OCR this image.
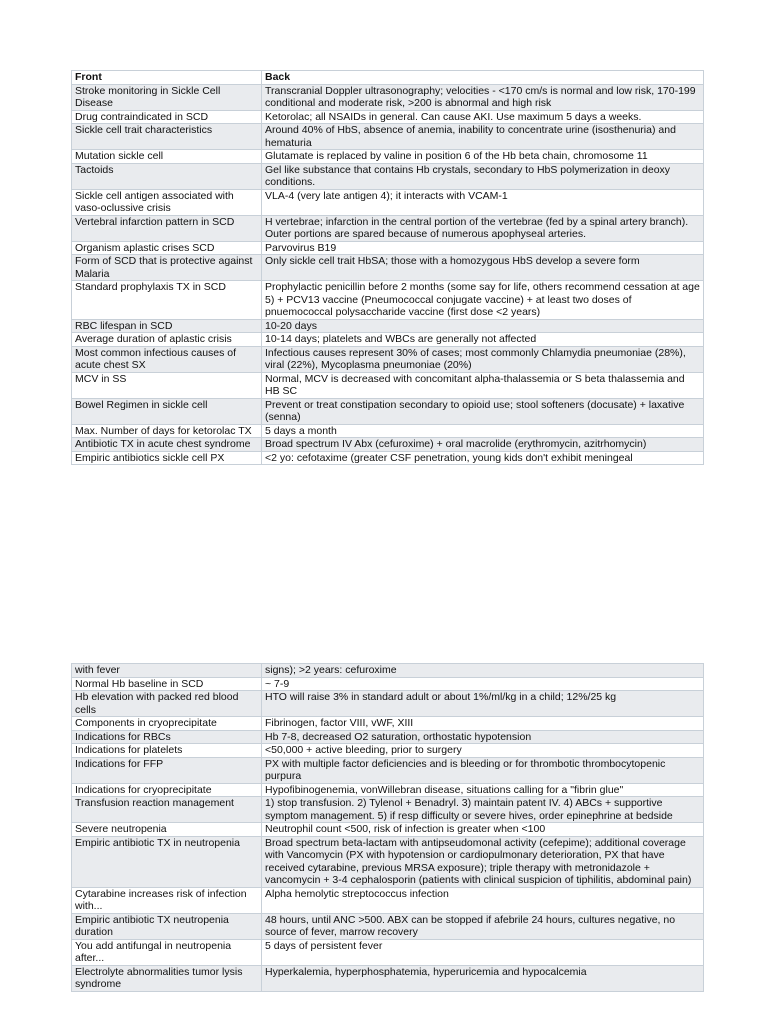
Front	Back
Stroke monitoring in Sickle Cell Disease	Transcranial Doppler ultrasonography; velocities - <170 cm/s is normal and low risk, 170-199 conditional and moderate risk, >200 is abnormal and high risk
Drug contraindicated in SCD	Ketorolac; all NSAIDs in general. Can cause AKI. Use maximum 5 days a weeks.
Sickle cell trait characteristics	Around 40% of HbS, absence of anemia, inability to concentrate urine (isosthenuria) and hematuria
Mutation sickle cell	Glutamate is replaced by valine in position 6 of the Hb beta chain, chromosome 11
Tactoids	Gel like substance that contains Hb crystals, secondary to HbS polymerization in deoxy conditions.
Sickle cell antigen associated with vaso-oclussive crisis	VLA-4 (very late antigen 4); it interacts with VCAM-1
Vertebral infarction pattern in SCD	H vertebrae; infarction in the central portion of the vertebrae (fed by a spinal artery branch). Outer portions are spared because of numerous apophyseal arteries.
Organism aplastic crises SCD	Parvovirus B19
Form of SCD that is protective against Malaria	Only sickle cell trait HbSA; those with a homozygous HbS develop a severe form
Standard prophylaxis TX in SCD	Prophylactic penicillin before 2 months (some say for life, others recommend cessation at age 5) + PCV13 vaccine (Pneumococcal conjugate vaccine) + at least two doses of pnuemococcal polysaccharide vaccine (first dose <2 years)
RBC lifespan in SCD	10-20 days
Average duration of aplastic crisis	10-14 days; platelets and WBCs are generally not affected
Most common infectious causes of acute chest SX	Infectious causes represent 30% of cases; most commonly Chlamydia pneumoniae (28%), viral (22%), Mycoplasma pneumoniae (20%)
MCV in SS	Normal, MCV is decreased with concomitant alpha-thalassemia or S beta thalassemia and HB SC
Bowel Regimen in sickle cell	Prevent or treat constipation secondary to opioid use; stool softeners (docusate) + laxative (senna)
Max. Number of days for ketorolac TX	5 days a month
Antibiotic TX in acute chest syndrome	Broad spectrum IV Abx (cefuroxime) + oral macrolide (erythromycin, azitrhomycin)
Empiric antibiotics sickle cell PX	<2 yo: cefotaxime (greater CSF penetration, young kids don't exhibit meningeal
with fever	signs); >2 years: cefuroxime
Normal Hb baseline in SCD	~ 7-9
Hb elevation with packed red blood cells	HTO will raise 3% in standard adult or about 1%/ml/kg in a child; 12%/25 kg
Components in cryoprecipitate	Fibrinogen, factor VIII, vWF, XIII
Indications for RBCs	Hb 7-8, decreased O2 saturation, orthostatic hypotension
Indications for platelets	<50,000 + active bleeding, prior to surgery
Indications for FFP	PX with multiple factor deficiencies and is bleeding or for thrombotic thrombocytopenic purpura
Indications for cryoprecipitate	Hypofibinogenemia, vonWillebran disease, situations calling for a "fibrin glue"
Transfusion reaction management	1) stop transfusion. 2) Tylenol + Benadryl. 3) maintain patent IV. 4) ABCs + supportive symptom management. 5) if resp difficulty or severe hives, order epinephrine at bedside
Severe neutropenia	Neutrophil count <500, risk of infection is greater when <100
Empiric antibiotic TX in neutropenia	Broad spectrum beta-lactam with antipseudomonal activity (cefepime); additional coverage with Vancomycin (PX with hypotension or cardiopulmonary deterioration, PX that have received cytarabine, previous MRSA exposure); triple therapy with metronidazole + vancomycin + 3-4 cephalosporin (patients with clinical suspicion of tiphilitis, abdominal pain)
Cytarabine increases risk of infection with...	Alpha hemolytic streptococcus infection
Empiric antibiotic TX neutropenia duration	48 hours, until ANC >500. ABX can be stopped if afebrile 24 hours, cultures negative, no source of fever, marrow recovery
You add antifungal in neutropenia after...	5 days of persistent fever
Electrolyte abnormalities tumor lysis syndrome	Hyperkalemia, hyperphosphatemia, hyperuricemia and hypocalcemia
